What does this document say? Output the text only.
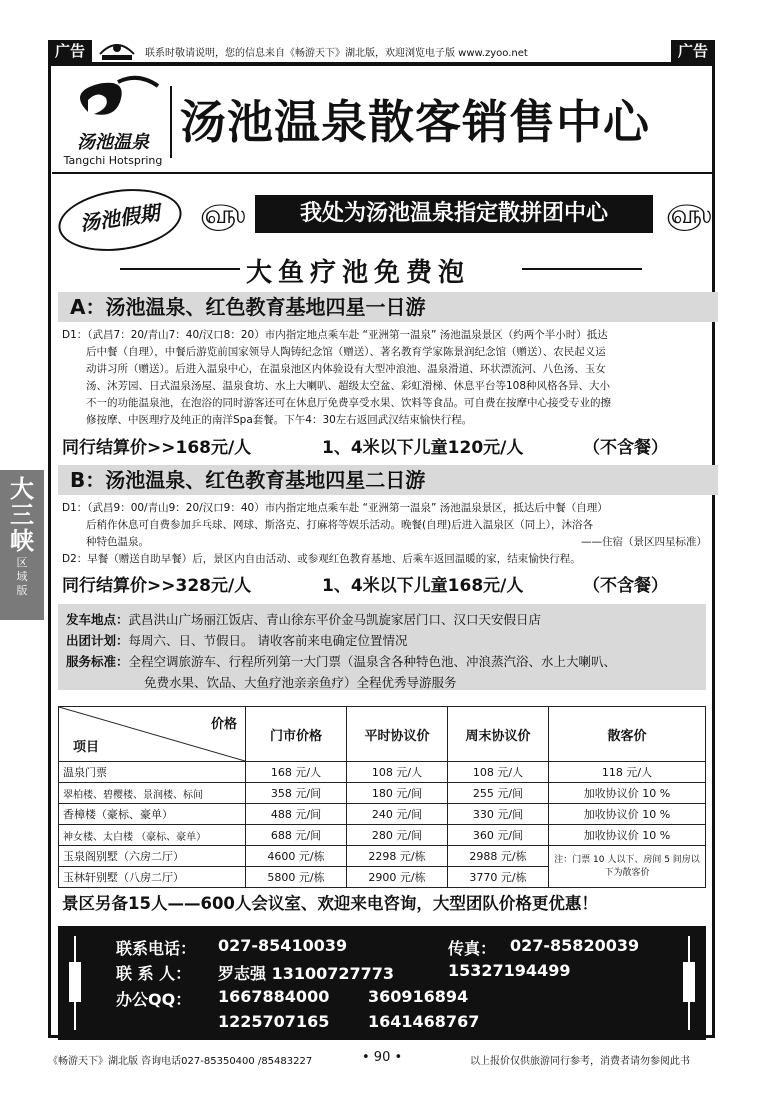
广告	联系时敬请说明，您的信息来自《畅游天下》湖北版，欢迎浏览电子版 www.zyoo.net	广告
汤池温泉
Tangchi Hotspring
汤池温泉散客销售中心
汤池假期	௵	我处为汤池温泉指定散拼团中心	௵
大鱼疗池免费泡
A：汤池温泉、红色教育基地四星一日游
D1：（武昌7：20/青山7：40/汉口8：20）市内指定地点乘车赴 “亚洲第一温泉” 汤池温泉景区（约两个半小时）抵达
后中餐（自理），中餐后游览前国家领导人陶铸纪念馆（赠送）、著名教育学家陈景润纪念馆（赠送）、农民起义运
动讲习所（赠送）。后进入温泉中心，在温泉池区内体验设有大型冲浪池、温泉滑道、环状漂流河、八色汤、玉女
汤、沐芳园、日式温泉汤屋、温泉食坊、水上大喇叭、超级太空盆、彩虹滑梯、休息平台等108种风格各异、大小
不一的功能温泉池，在泡浴的同时游客还可在休息厅免费享受水果、饮料等食品。可自费在按摩中心接受专业的擦
修按摩、中医理疗及纯正的南洋Spa套餐。下午4：30左右返回武汉结束愉快行程。
同行结算价>>168元/人	1、4米以下儿童120元/人	（不含餐）
B：汤池温泉、红色教育基地四星二日游
D1：（武昌9：00/青山9：20/汉口9：40）市内指定地点乘车赴 “亚洲第一温泉” 汤池温泉景区，抵达后中餐（自理）
后稍作休息可自费参加乒乓球、网球、斯洛克、打麻将等娱乐活动。晚餐(自理)后进入温泉区（同上），沐浴各
种特色温泉。	——住宿（景区四星标准）
D2：早餐（赠送自助早餐）后，景区内自由活动、或参观红色教育基地、后乘车返回温暖的家，结束愉快行程。
同行结算价>>328元/人	1、4米以下儿童168元/人	（不含餐）
大三峡
区域版
发车地点：武昌洪山广场丽江饭店、青山徐东平价金马凯旋家居门口、汉口天安假日店
出团计划：每周六、日、节假日。 请收客前来电确定位置情况
服务标准：全程空调旅游车、行程所列第一大门票（温泉含各种特色池、冲浪蒸汽浴、水上大喇叭、
免费水果、饮品、大鱼疗池亲亲鱼疗）全程优秀导游服务
价格
项目	门市价格	平时协议价	周末协议价	散客价
温泉门票	168 元/人	108 元/人	108 元/人	118 元/人
翠柏楼、碧樱楼、景润楼、标间	358 元/间	180 元/间	255 元/间	加收协议价 10 %
香樟楼（豪标、豪单）	488 元/间	240 元/间	330 元/间	加收协议价 10 %
神女楼、太白楼 （豪标、豪单）	688 元/间	280 元/间	360 元/间	加收协议价 10 %
玉泉阁别墅（六房二厅）	4600 元/栋	2298 元/栋	2988 元/栋	注：门票 10 人以下、房间 5 间房以下为散客价
玉林轩别墅（八房二厅）	5800 元/栋	2900 元/栋	3770 元/栋	
景区另备15人——600人会议室、欢迎来电咨询，大型团队价格更优惠！
联系电话： 027-85410039	传真： 027-85820039
联 系 人： 罗志强 13100727773	15327194499
办公QQ： 1667884000 360916894
1225707165 1641468767
《畅游天下》湖北版 咨询电话027-85350400 /85483227	• 90 •	以上报价仅供旅游同行参考，消费者请勿参阅此书
